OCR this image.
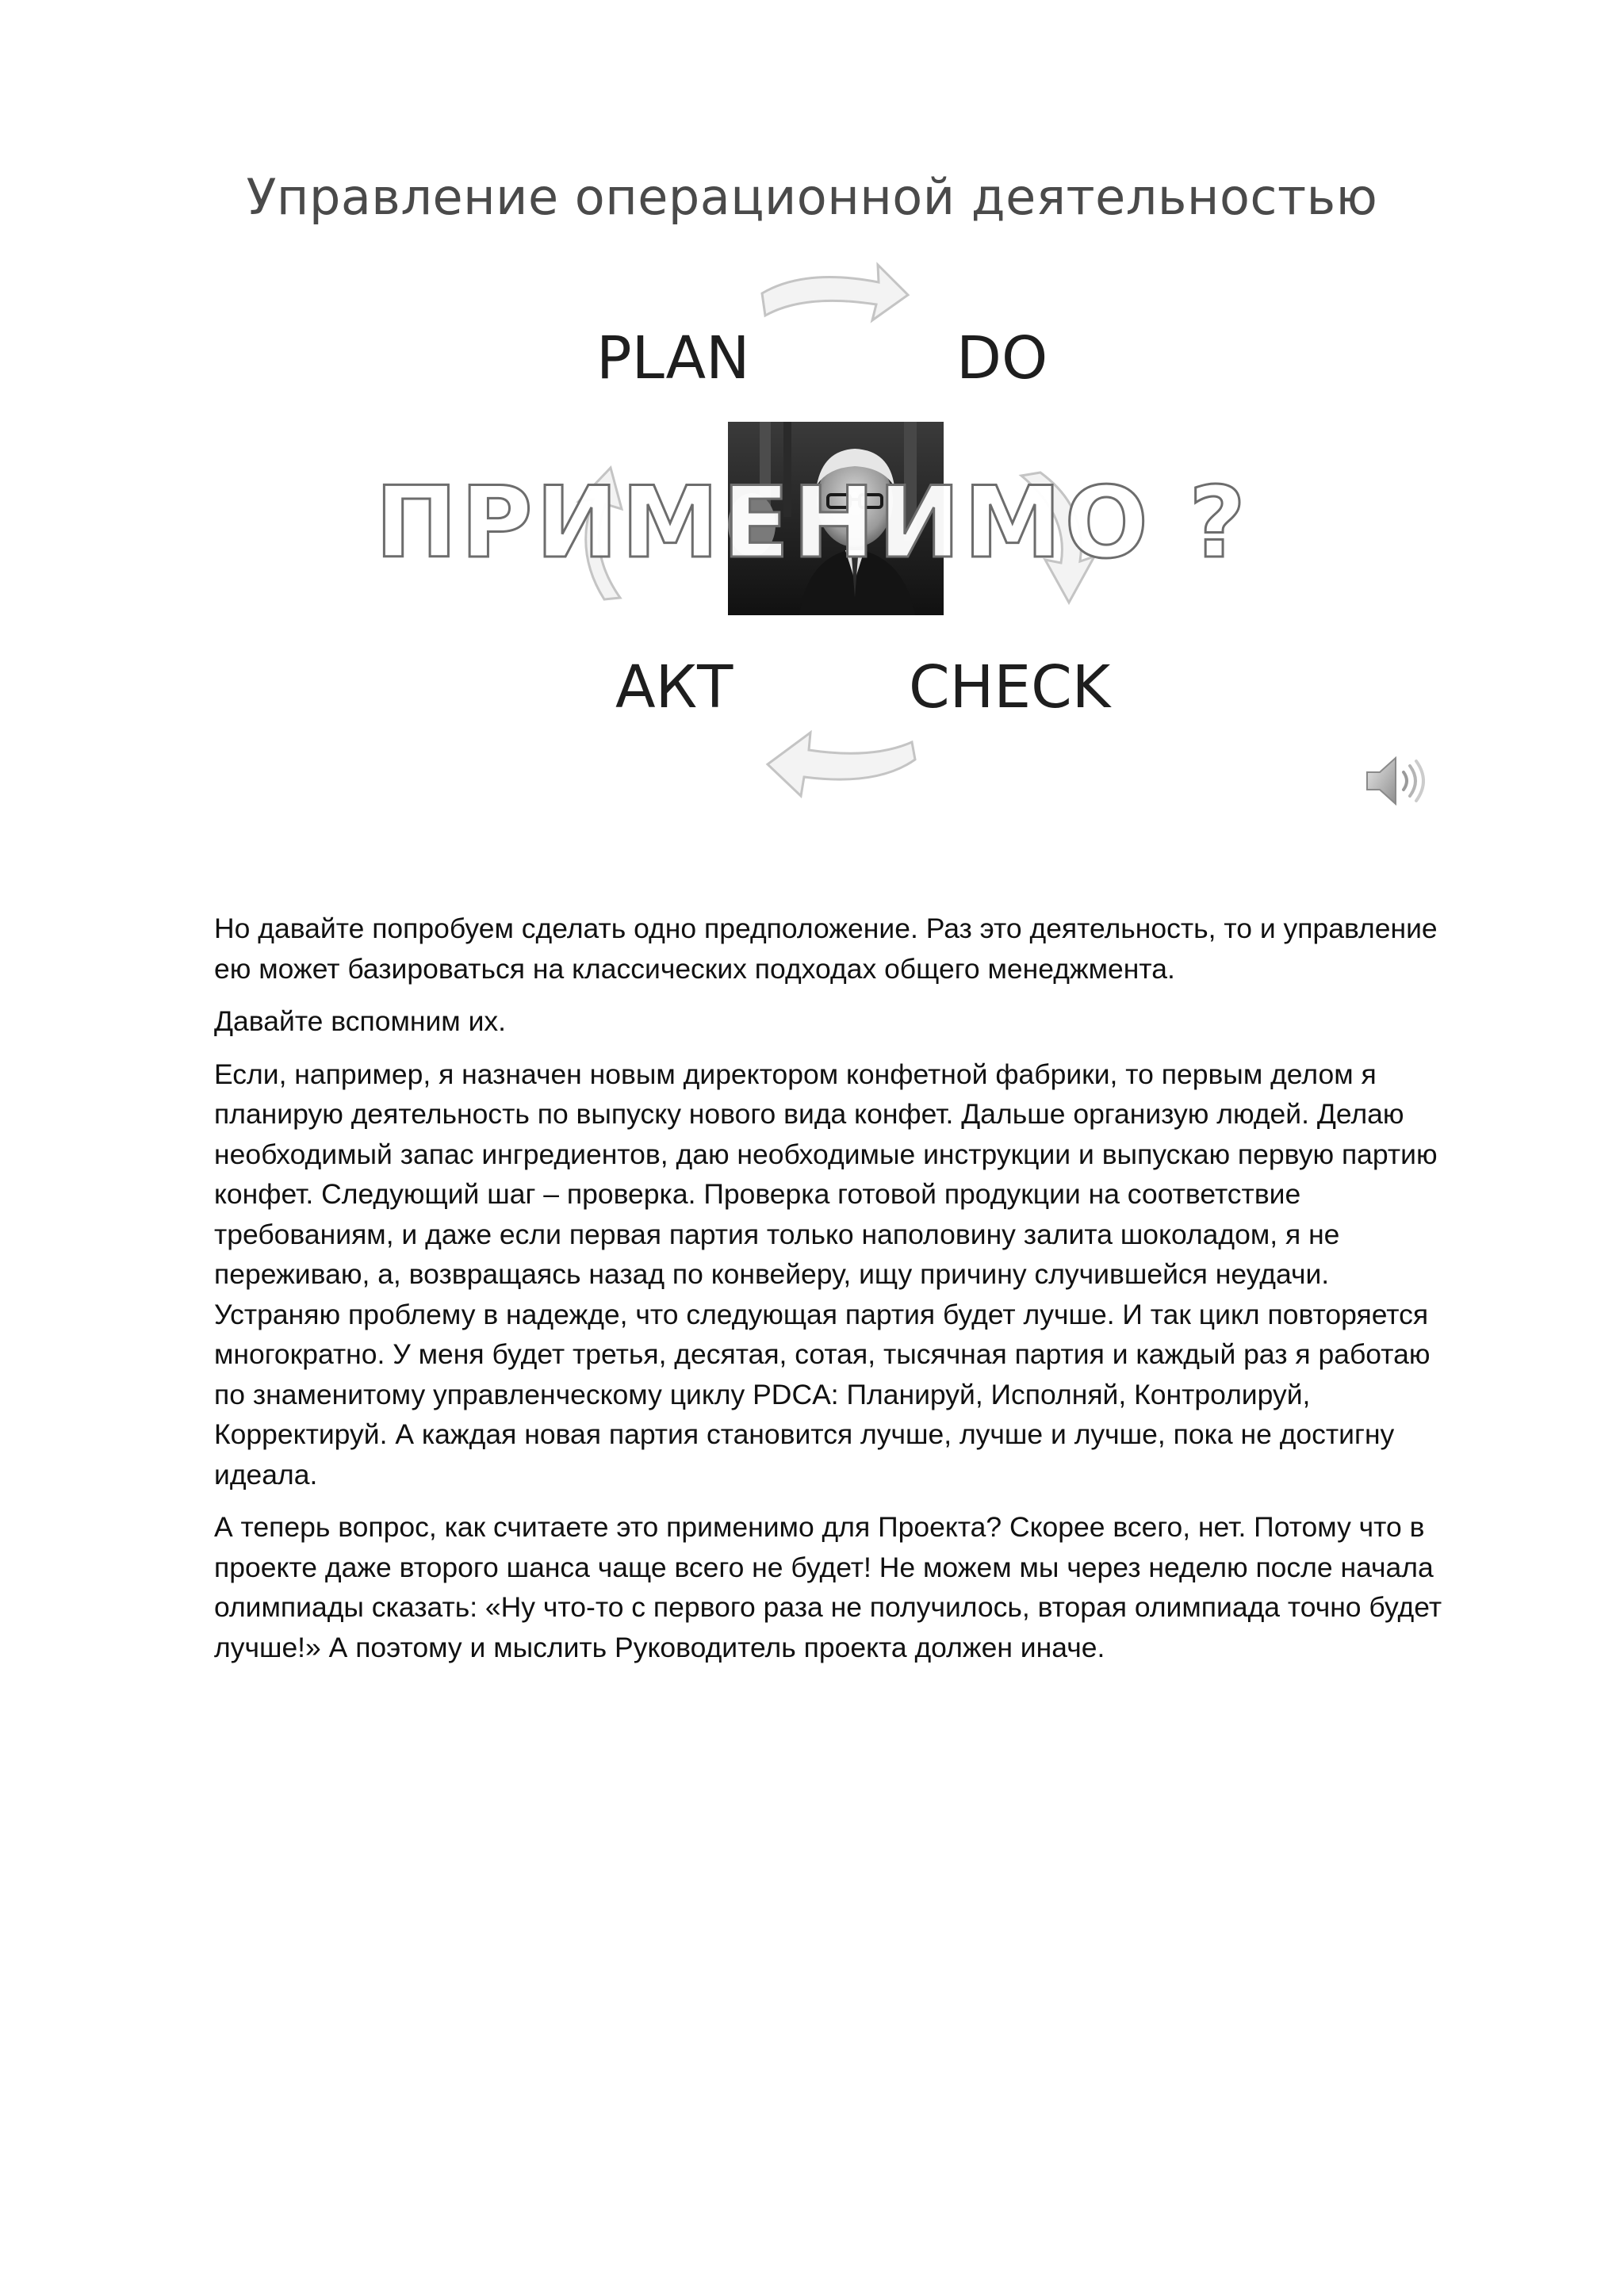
Управление операционной деятельностью
PLAN	DO
АКТ	CHECK
ПРИМЕНИМО ?

Но давайте попробуем сделать одно предположение. Раз это деятельность, то и управление ею может базироваться на классических подходах общего менеджмента.

Давайте вспомним их.

Если, например, я назначен новым директором конфетной фабрики, то первым делом я планирую деятельность по выпуску нового вида конфет. Дальше организую людей. Делаю необходимый запас ингредиентов, даю необходимые инструкции и выпускаю первую партию конфет. Следующий шаг – проверка. Проверка готовой продукции на соответствие требованиям, и даже если первая партия только наполовину залита шоколадом, я не переживаю, а, возвращаясь назад по конвейеру, ищу причину случившейся неудачи. Устраняю проблему в надежде, что следующая партия будет лучше. И так цикл повторяется многократно. У меня будет третья, десятая, сотая, тысячная партия и каждый раз я работаю по знаменитому управленческому циклу PDCA: Планируй, Исполняй, Контролируй, Корректируй. А каждая новая партия становится лучше, лучше и лучше, пока не достигну идеала.

А теперь вопрос, как считаете это применимо для Проекта? Скорее всего, нет. Потому что в проекте даже второго шанса чаще всего не будет! Не можем мы через неделю после начала олимпиады сказать: «Ну что-то с первого раза не получилось, вторая олимпиада точно будет лучше!» А поэтому и мыслить Руководитель проекта должен иначе.
